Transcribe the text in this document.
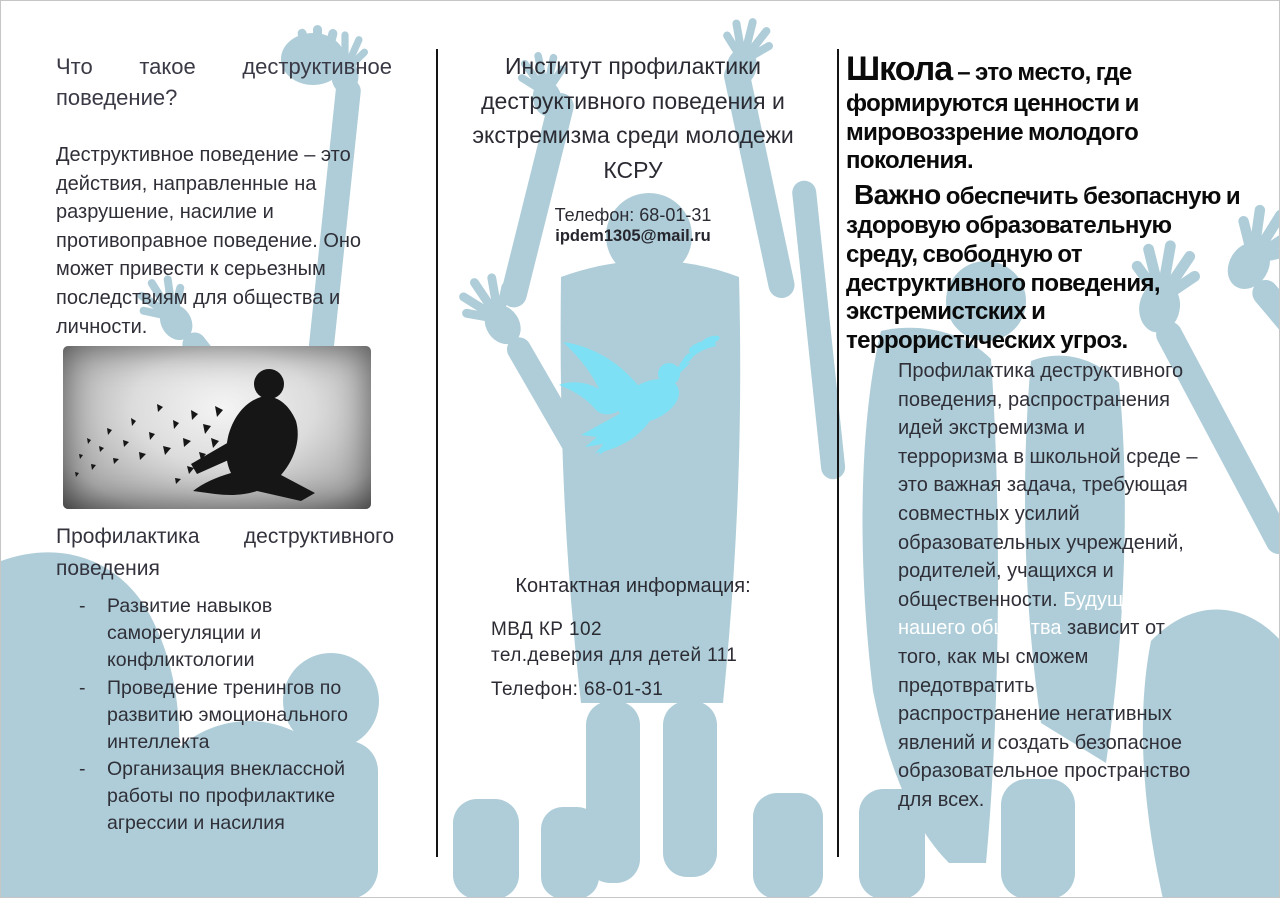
Что такое деструктивное поведение?
Деструктивное поведение – это действия, направленные на разрушение, насилие и противоправное поведение. Оно может привести к серьезным последствиям для общества и личности.
Профилактика деструктивного поведения
-	Развитие навыков саморегуляции и конфликтологии
-	Проведение тренингов по развитию эмоционального интеллекта
-	Организация внеклассной работы по профилактике агрессии и насилия
Институт профилактики деструктивного поведения и экстремизма среди молодежи КСРУ
Телефон: 68-01-31
ipdem1305@mail.ru
Контактная информация:
МВД КР 102
тел.деверия для детей 111
Телефон: 68-01-31
Школа – это место, где формируются ценности и мировоззрение молодого поколения.
Важно обеспечить безопасную и здоровую образовательную среду, свободную от деструктивного поведения, экстремистских и террористических угроз.
Профилактика деструктивного поведения, распространения идей экстремизма и терроризма в школьной среде – это важная задача, требующая совместных усилий образовательных учреждений, родителей, учащихся и общественности. Будущее нашего общества зависит от того, как мы сможем предотвратить распространение негативных явлений и создать безопасное образовательное пространство для всех.
